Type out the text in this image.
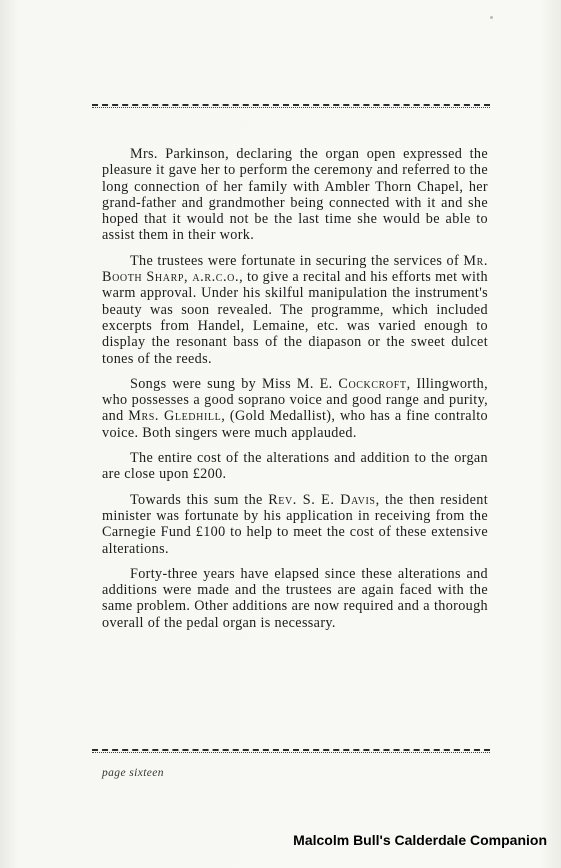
Mrs. Parkinson, declaring the organ open expressed the pleasure it gave her to perform the ceremony and referred to the long connection of her family with Ambler Thorn Chapel, her grand-father and grandmother being connected with it and she hoped that it would not be the last time she would be able to assist them in their work.

The trustees were fortunate in securing the services of Mr. Booth Sharp, a.r.c.o., to give a recital and his efforts met with warm approval. Under his skilful manipulation the instrument's beauty was soon revealed. The programme, which included excerpts from Handel, Lemaine, etc. was varied enough to display the resonant bass of the diapason or the sweet dulcet tones of the reeds.

Songs were sung by Miss M. E. Cockcroft, Illingworth, who possesses a good soprano voice and good range and purity, and Mrs. Gledhill, (Gold Medallist), who has a fine contralto voice. Both singers were much applauded.

The entire cost of the alterations and addition to the organ are close upon £200.

Towards this sum the Rev. S. E. Davis, the then resident minister was fortunate by his application in receiving from the Carnegie Fund £100 to help to meet the cost of these extensive alterations.

Forty-three years have elapsed since these alterations and additions were made and the trustees are again faced with the same problem. Other additions are now required and a thorough overall of the pedal organ is necessary.

page sixteen
Malcolm Bull's Calderdale Companion
